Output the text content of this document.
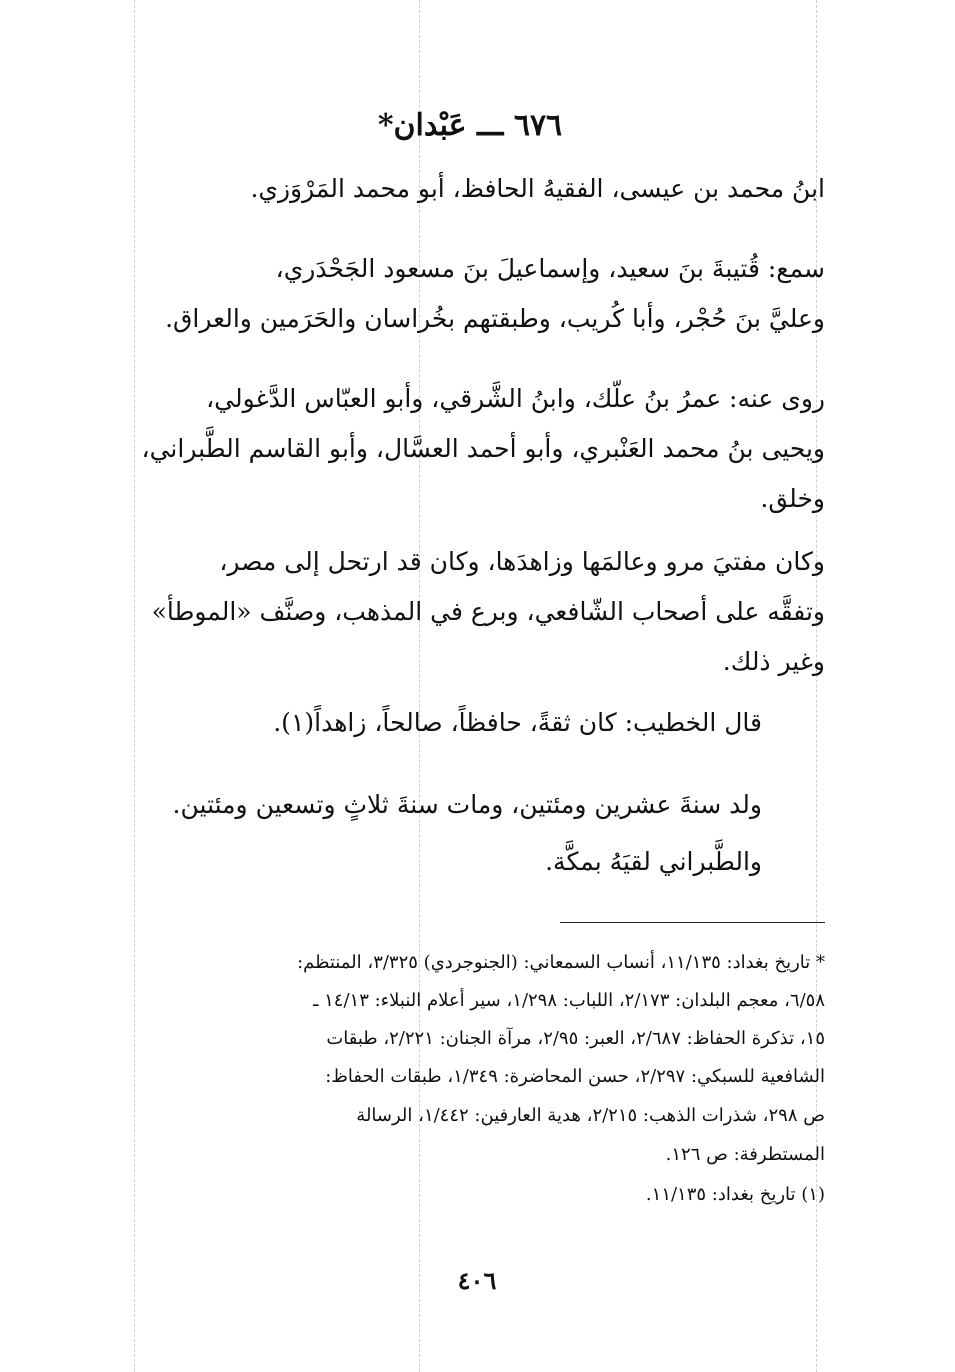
٦٧٦ ـــ عَبْدان*
ابنُ محمد بن عيسى، الفقيهُ الحافظ، أبو محمد المَرْوَزي.
سمع: قُتيبةَ بنَ سعيد، وإسماعيلَ بنَ مسعود الجَحْدَري،
وعليَّ بنَ حُجْر، وأبا كُريب، وطبقتهم بخُراسان والحَرَمين والعراق.
روى عنه: عمرُ بنُ علّك، وابنُ الشَّرقي، وأبو العبّاس الدَّغولي،
ويحيى بنُ محمد العَنْبري، وأبو أحمد العسَّال، وأبو القاسم الطَّبراني،
وخلق.
وكان مفتيَ مرو وعالمَها وزاهدَها، وكان قد ارتحل إلى مصر،
وتفقَّه على أصحاب الشّافعي، وبرع في المذهب، وصنَّف «الموطأ»
وغير ذلك.
قال الخطيب: كان ثقةً، حافظاً، صالحاً، زاهداً(١).
ولد سنةَ عشرين ومئتين، ومات سنةَ ثلاثٍ وتسعين ومئتين.
والطَّبراني لقيَهُ بمكَّة.
* تاريخ بغداد: ١١/١٣٥، أنساب السمعاني: (الجنوجردي) ٣/٣٢٥، المنتظم:
٦/٥٨، معجم البلدان: ٢/١٧٣، اللباب: ١/٢٩٨، سير أعلام النبلاء: ١٤/١٣ ـ
١٥، تذكرة الحفاظ: ٢/٦٨٧، العبر: ٢/٩٥، مرآة الجنان: ٢/٢٢١، طبقات
الشافعية للسبكي: ٢/٢٩٧، حسن المحاضرة: ١/٣٤٩، طبقات الحفاظ:
ص ٢٩٨، شذرات الذهب: ٢/٢١٥، هدية العارفين: ١/٤٤٢، الرسالة
المستطرفة: ص ١٢٦.
(١) تاريخ بغداد: ١١/١٣٥.
٤٠٦
